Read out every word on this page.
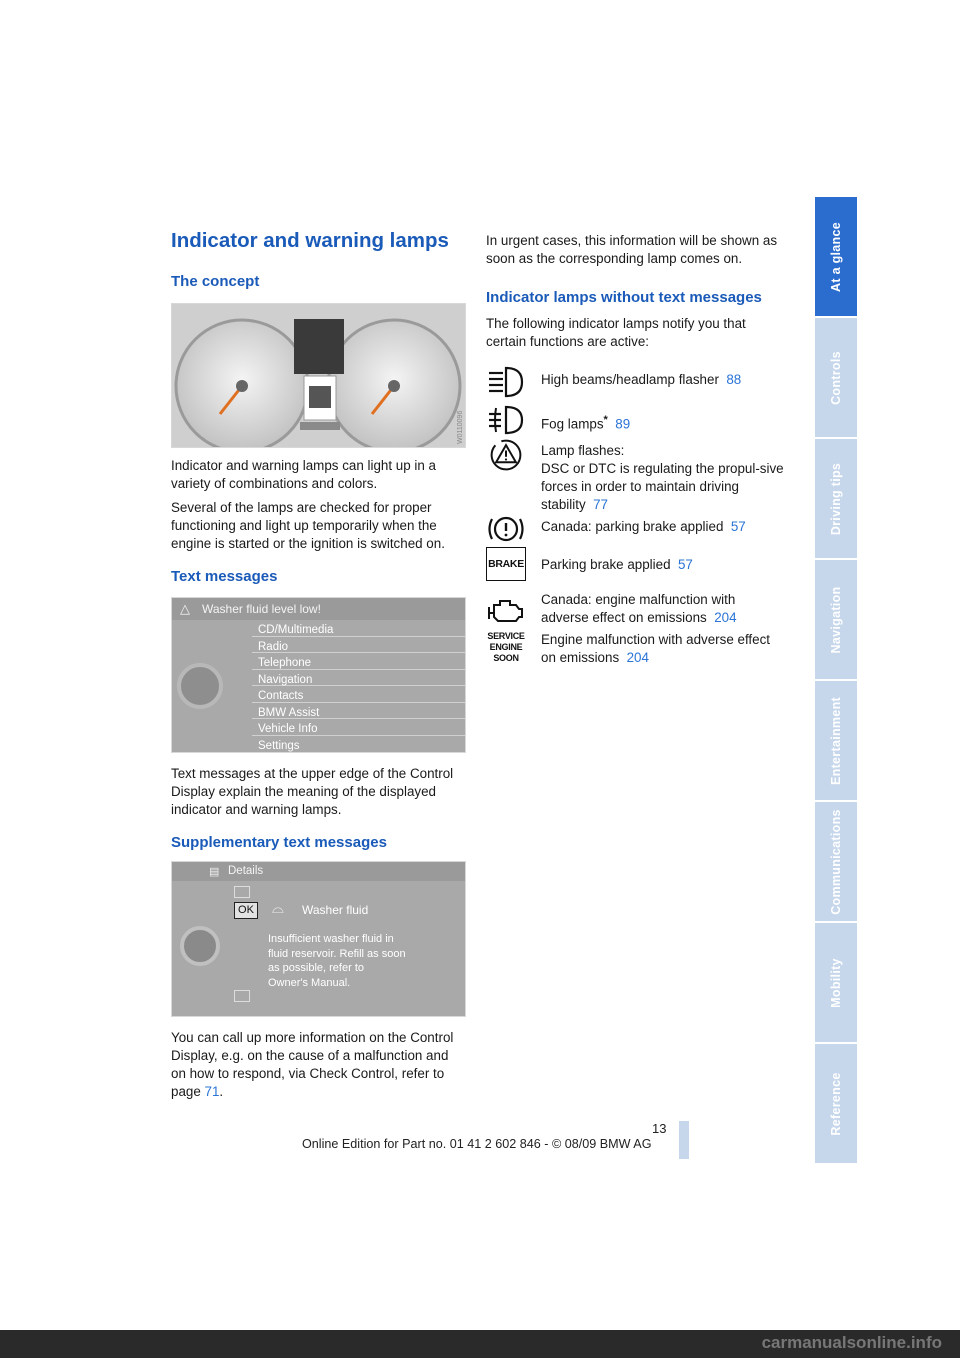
Indicator and warning lamps
The concept
W0110096

Indicator and warning lamps can light up in a variety of combinations and colors.

Several of the lamps are checked for proper functioning and light up temporarily when the engine is started or the ignition is switched on.

Text messages
△ Washer fluid level low!
CD/Multimedia
Radio
Telephone
Navigation
Contacts
BMW Assist
Vehicle Info
Settings

Text messages at the upper edge of the Control Display explain the meaning of the displayed indicator and warning lamps.

Supplementary text messages
▤ Details
OK ⌓ Washer fluid
Insufficient washer fluid in
fluid reservoir. Refill as soon
as possible, refer to
Owner's Manual.

You can call up more information on the Control Display, e.g. on the cause of a malfunction and on how to respond, via Check Control, refer to page 71.

In urgent cases, this information will be shown as soon as the corresponding lamp comes on.

Indicator lamps without text messages

The following indicator lamps notify you that certain functions are active:

High beams/headlamp flasher 88
Fog lamps* 89
Lamp flashes:
DSC or DTC is regulating the propul-sive forces in order to maintain driving stability 77
Canada: parking brake applied 57
BRAKE Parking brake applied 57
Canada: engine malfunction with adverse effect on emissions 204
SERVICE
ENGINE
SOON
Engine malfunction with adverse effect on emissions 204
At a glance
Controls
Driving tips
Navigation
Entertainment
Communications
Mobility
Reference
13
Online Edition for Part no. 01 41 2 602 846 - © 08/09 BMW AG
carmanualsonline.info
